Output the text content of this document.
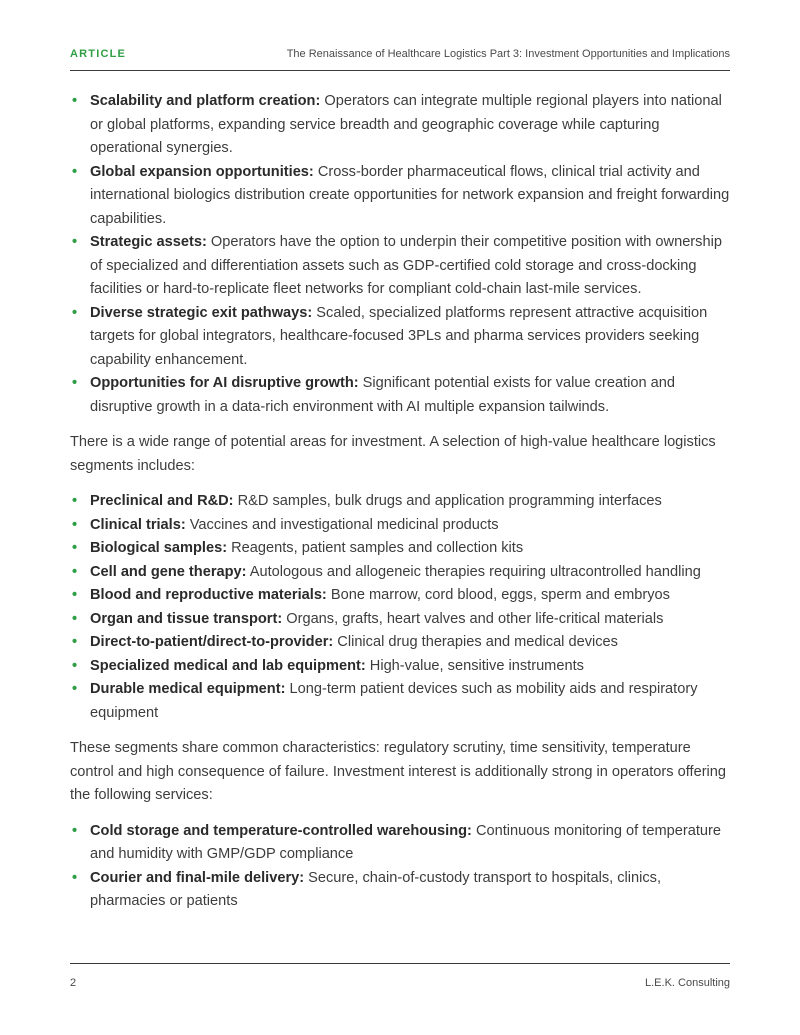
ARTICLE	The Renaissance of Healthcare Logistics Part 3: Investment Opportunities and Implications
• Scalability and platform creation: Operators can integrate multiple regional players into national or global platforms, expanding service breadth and geographic coverage while capturing operational synergies.
• Global expansion opportunities: Cross-border pharmaceutical flows, clinical trial activity and international biologics distribution create opportunities for network expansion and freight forwarding capabilities.
• Strategic assets: Operators have the option to underpin their competitive position with ownership of specialized and differentiation assets such as GDP-certified cold storage and cross-docking facilities or hard-to-replicate fleet networks for compliant cold-chain last-mile services.
• Diverse strategic exit pathways: Scaled, specialized platforms represent attractive acquisition targets for global integrators, healthcare-focused 3PLs and pharma services providers seeking capability enhancement.
• Opportunities for AI disruptive growth: Significant potential exists for value creation and disruptive growth in a data-rich environment with AI multiple expansion tailwinds.

There is a wide range of potential areas for investment. A selection of high-value healthcare logistics segments includes:

• Preclinical and R&D: R&D samples, bulk drugs and application programming interfaces
• Clinical trials: Vaccines and investigational medicinal products
• Biological samples: Reagents, patient samples and collection kits
• Cell and gene therapy: Autologous and allogeneic therapies requiring ultracontrolled handling
• Blood and reproductive materials: Bone marrow, cord blood, eggs, sperm and embryos
• Organ and tissue transport: Organs, grafts, heart valves and other life-critical materials
• Direct-to-patient/direct-to-provider: Clinical drug therapies and medical devices
• Specialized medical and lab equipment: High-value, sensitive instruments
• Durable medical equipment: Long-term patient devices such as mobility aids and respiratory equipment

These segments share common characteristics: regulatory scrutiny, time sensitivity, temperature control and high consequence of failure. Investment interest is additionally strong in operators offering the following services:

• Cold storage and temperature-controlled warehousing: Continuous monitoring of temperature and humidity with GMP/GDP compliance
• Courier and final-mile delivery: Secure, chain-of-custody transport to hospitals, clinics, pharmacies or patients
2	L.E.K. Consulting
